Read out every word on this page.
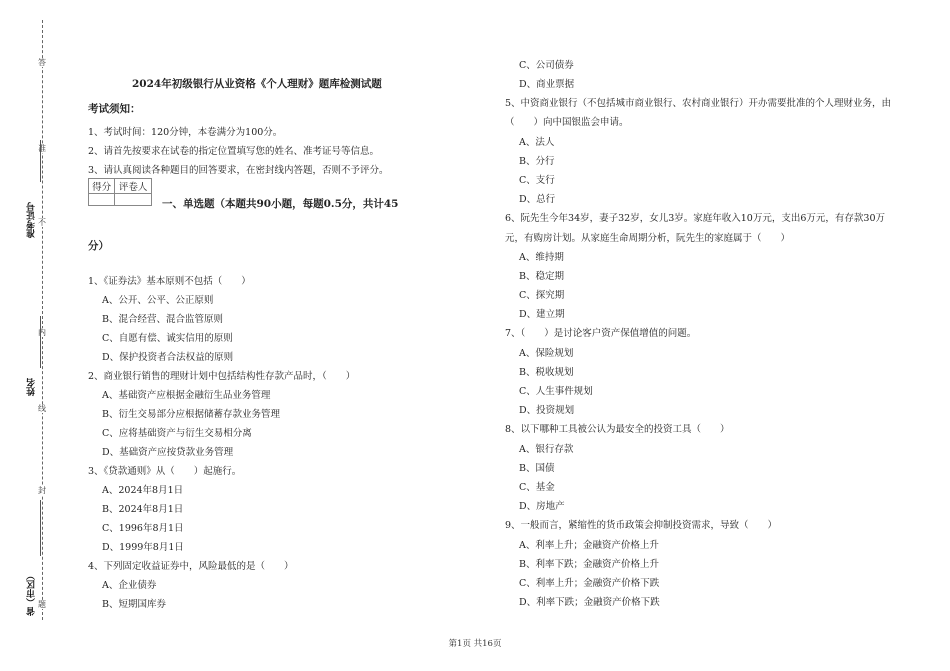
答
准
不
内
线
封
题
准考证号
姓名
省（市区）
2024年初级银行从业资格《个人理财》题库检测试题
考试须知：
1、考试时间：120分钟，本卷满分为100分。
2、请首先按要求在试卷的指定位置填写您的姓名、准考证号等信息。
3、请认真阅读各种题目的回答要求，在密封线内答题，否则不予评分。
得分	评卷人

一、单选题（本题共90小题，每题0.5分，共计45
分）
1、《证券法》基本原则不包括（　　）
A、公开、公平、公正原则
B、混合经营、混合监管原则
C、自愿有偿、诚实信用的原则
D、保护投资者合法权益的原则
2、商业银行销售的理财计划中包括结构性存款产品时，（　　）
A、基础资产应根据金融衍生品业务管理
B、衍生交易部分应根据储蓄存款业务管理
C、应将基础资产与衍生交易相分离
D、基础资产应按贷款业务管理
3、《贷款通则》从（　　）起施行。
A、2024年8月1日
B、2024年8月1日
C、1996年8月1日
D、1999年8月1日
4、下列固定收益证券中，风险最低的是（　　）
A、企业债券
B、短期国库券
C、公司债券
D、商业票据
5、中资商业银行（不包括城市商业银行、农村商业银行）开办需要批准的个人理财业务，由
（　　）向中国银监会申请。
A、法人
B、分行
C、支行
D、总行
6、阮先生今年34岁，妻子32岁，女儿3岁。家庭年收入10万元，支出6万元，有存款30万
元，有购房计划。从家庭生命周期分析，阮先生的家庭属于（　　）
A、维持期
B、稳定期
C、探究期
D、建立期
7、（　　）是讨论客户资产保值增值的问题。
A、保险规划
B、税收规划
C、人生事件规划
D、投资规划
8、以下哪种工具被公认为最安全的投资工具（　　）
A、银行存款
B、国债
C、基金
D、房地产
9、一般而言，紧缩性的货币政策会抑制投资需求，导致（　　）
A、利率上升；金融资产价格上升
B、利率下跌；金融资产价格上升
C、利率上升；金融资产价格下跌
D、利率下跌；金融资产价格下跌
第1页 共16页
